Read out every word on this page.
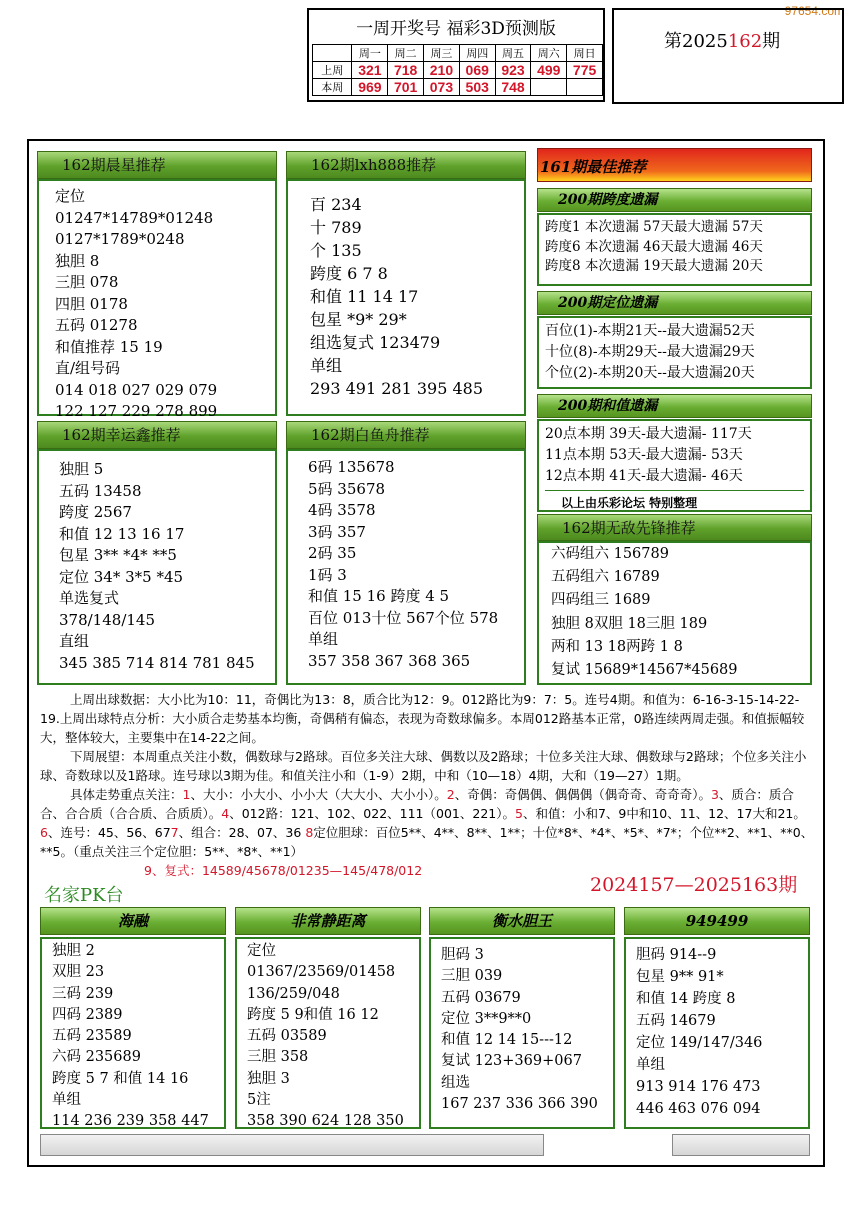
97654.com
一周开奖号 福彩3D预测版
	周一	周二	周三	周四	周五	周六	周日
上周	321	718	210	069	923	499	775
本周	969	701	073	503	748		
第2025162期
162期晨星推荐
定位
01247*14789*01248
0127*1789*0248
独胆 8
三胆 078
四胆 0178
五码 01278
和值推荐 15 19
直/组号码
014 018 027 029 079
122 127 229 278 899
162期lxh888推荐
百 234
十 789
个 135
跨度 6 7 8
和值 11 14 17
包星 *9* 29*
组选复式 123479
单组
293 491 281 395 485
162期幸运鑫推荐
独胆 5
五码 13458
跨度 2567
和值 12 13 16 17
包星 3** *4* **5
定位 34* 3*5 *45
单选复式
378/148/145
直组
345 385 714 814 781 845
162期白鱼舟推荐
6码 135678
5码 35678
4码 3578
3码 357
2码 35
1码 3
和值 15 16 跨度 4 5
百位 013十位 567个位 578
单组
357 358 367 368 365
161期最佳推荐
200期跨度遗漏
跨度1 本次遗漏 57天最大遗漏 57天
跨度6 本次遗漏 46天最大遗漏 46天
跨度8 本次遗漏 19天最大遗漏 20天
200期定位遗漏
百位(1)-本期21天--最大遗漏52天
十位(8)-本期29天--最大遗漏29天
个位(2)-本期20天--最大遗漏20天
200期和值遗漏
20点本期 39天-最大遗漏- 117天
11点本期 53天-最大遗漏- 53天
12点本期 41天-最大遗漏- 46天
以上由乐彩论坛 特别整理
162期无敌先锋推荐
六码组六 156789
五码组六 16789
四码组三 1689
独胆 8双胆 18三胆 189
两和 13 18两跨 1 8
复试 15689*14567*45689

上周出球数据：大小比为10：11，奇偶比为13：8，质合比为12：9。012路比为9：7：5。连号4期。和值为：6-16-3-15-14-22-19.上周出球特点分析：大小质合走势基本均衡，奇偶稍有偏态，表现为奇数球偏多。本周012路基本正常，0路连续两周走强。和值振幅较大，整体较大，主要集中在14-22之间。

下周展望：本周重点关注小数，偶数球与2路球。百位多关注大球、偶数以及2路球；十位多关注大球、偶数球与2路球；个位多关注小球、奇数球以及1路球。连号球以3期为佳。和值关注小和（1-9）2期，中和（10—18）4期，大和（19—27）1期。

具体走势重点关注：1、大小：小大小、小小大（大大小、大小小）。2、奇偶：奇偶偶、偶偶偶（偶奇奇、奇奇奇）。3、质合：质合合、合合质（合合质、合质质）。4、012路：121、102、022、111（001、221）。5、和值：小和7、9中和10、11、12、17大和21。6、连号：45、56、677、组合：28、07、36 8定位胆球：百位5**、4**、8**、1**；十位*8*、*4*、*5*、*7*；个位**2、**1、**0、**5。（重点关注三个定位胆：5**、*8*、**1）

9、复式：14589/45678/01235—145/478/012

名家PK台	2024157—2025163期
海融
独胆 2
双胆 23
三码 239
四码 2389
五码 23589
六码 235689
跨度 5 7 和值 14 16
单组
114 236 239 358 447
非常静距离
定位
01367/23569/01458
136/259/048
跨度 5 9和值 16 12
五码 03589
三胆 358
独胆 3
5注
358 390 624 128 350
衡水胆王
胆码 3
三胆 039
五码 03679
定位 3**9**0
和值 12 14 15---12
复试 123+369+067
组选
167 237 336 366 390
949499
胆码 914--9
包星 9** 91*
和值 14 跨度 8
五码 14679
定位 149/147/346
单组
913 914 176 473
446 463 076 094
